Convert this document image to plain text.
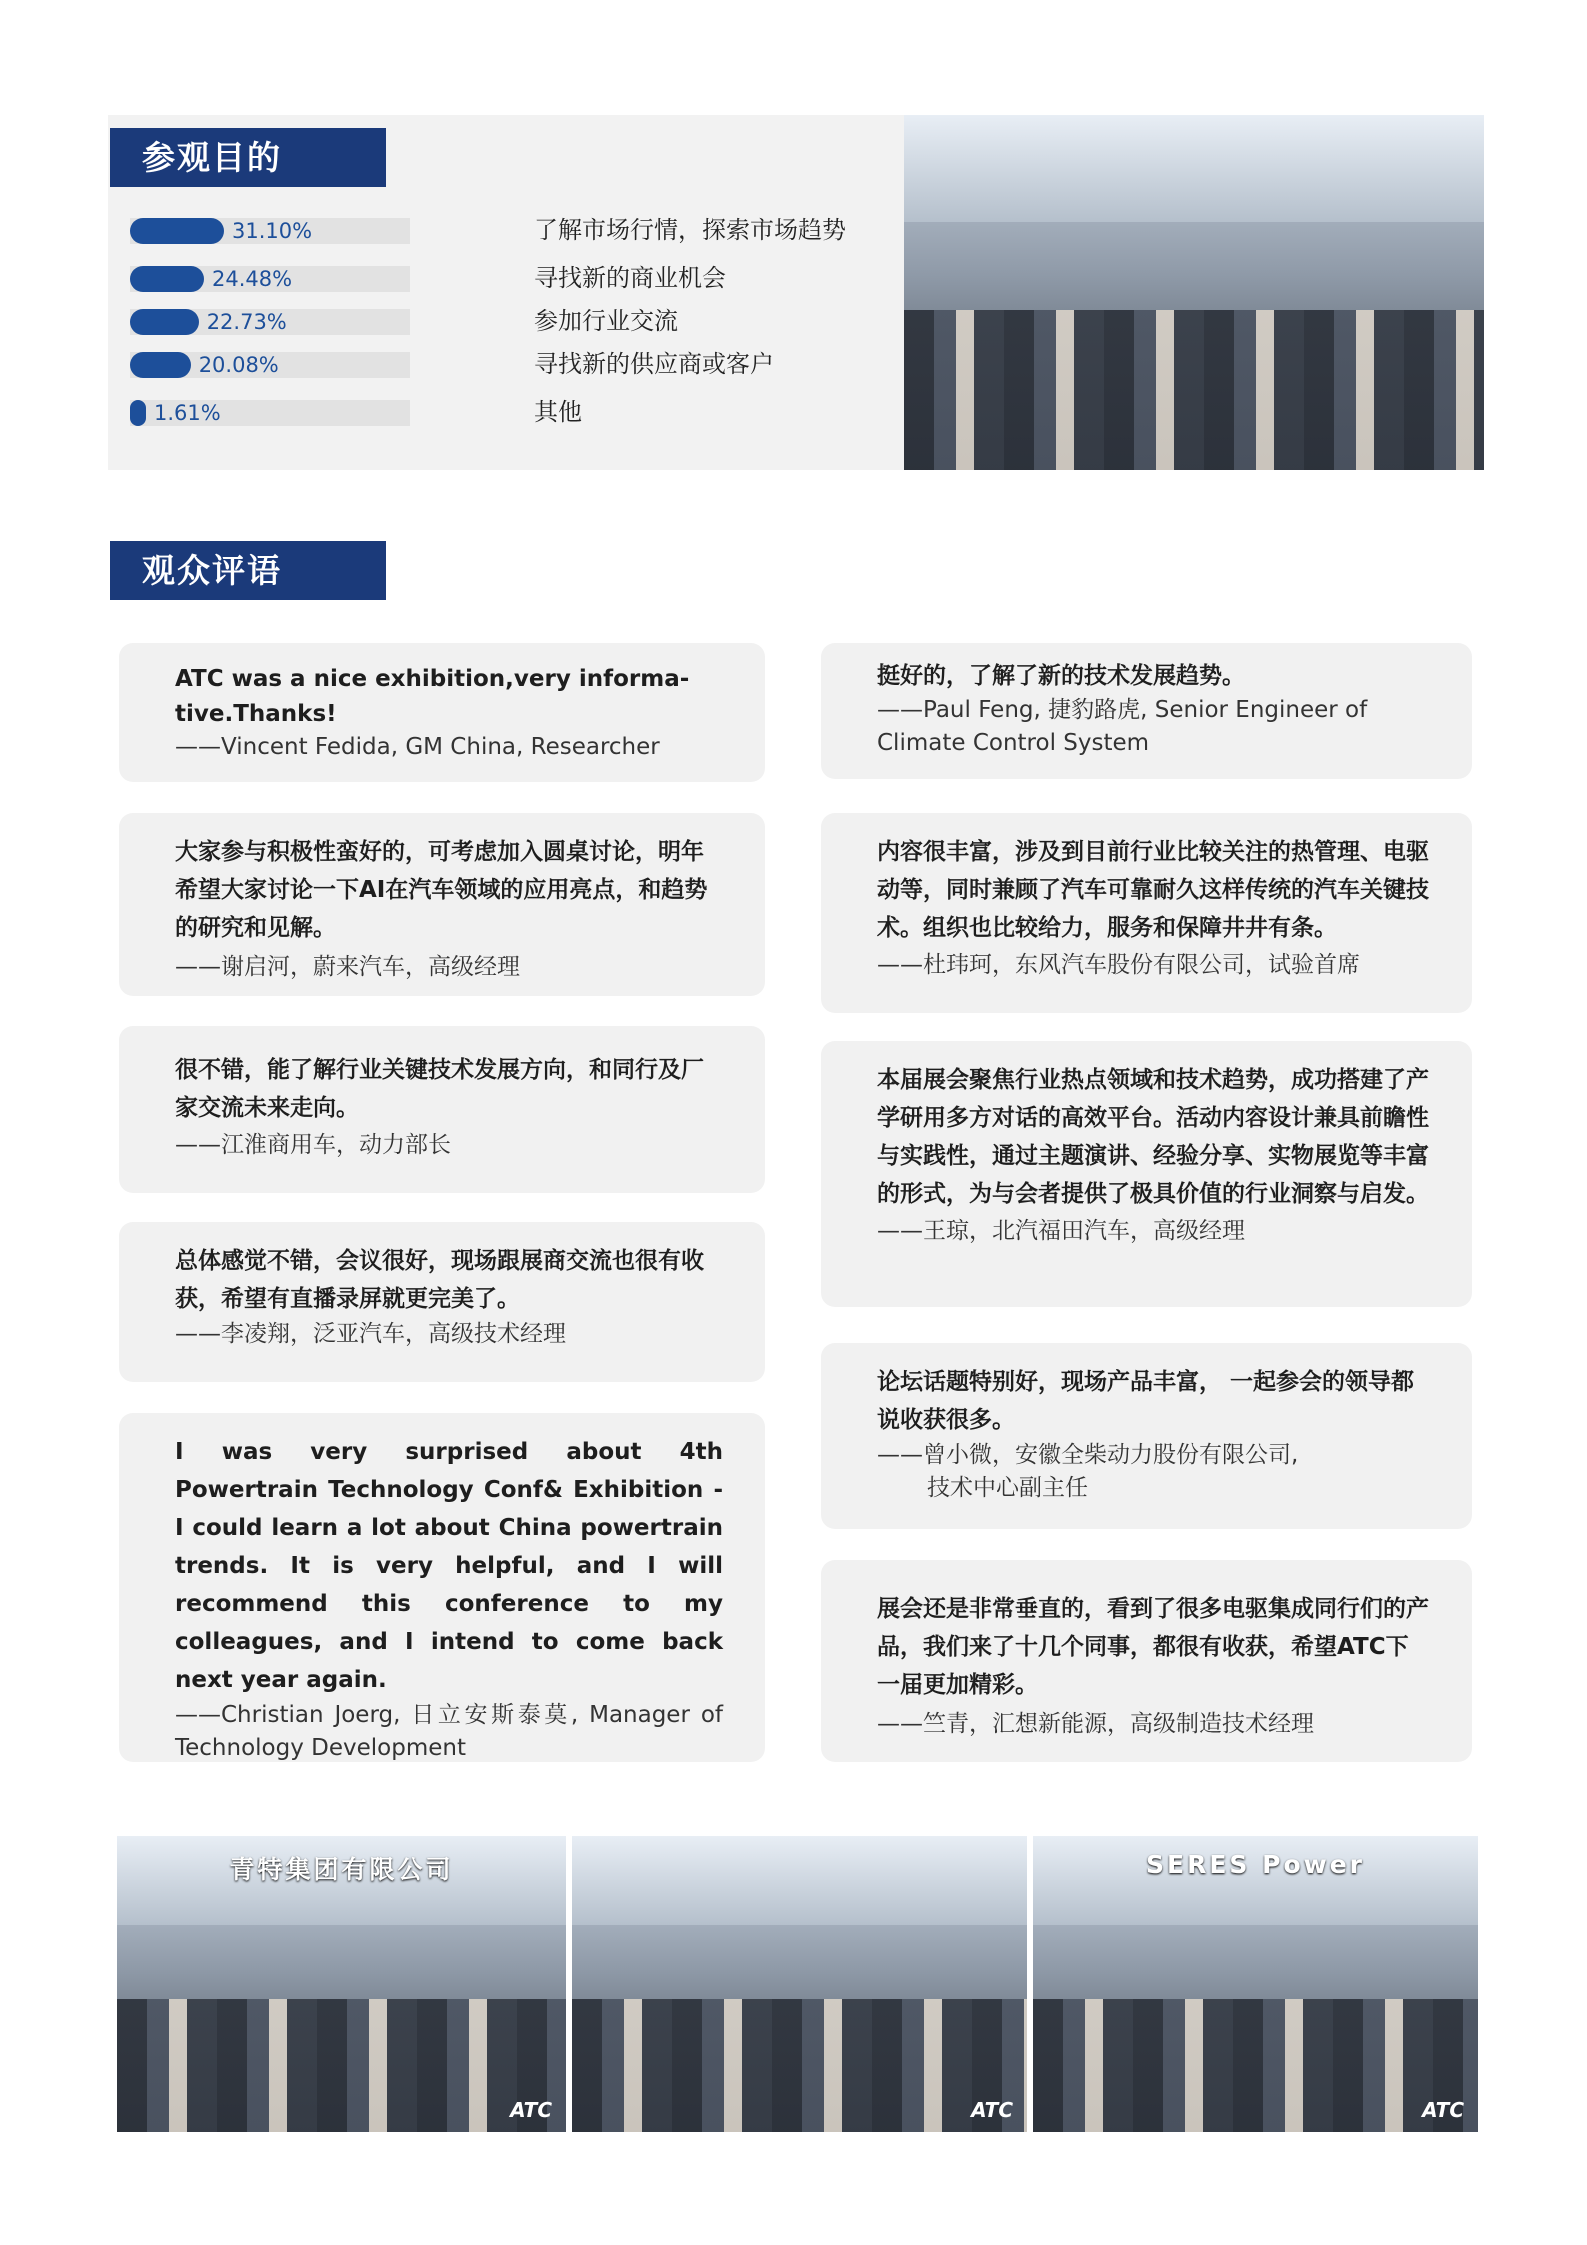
31.10%	了解市场行情，探索市场趋势
24.48%	寻找新的商业机会
22.73%	参加行业交流
20.08%	寻找新的供应商或客户
1.61%	其他
参观目的
观众评语
ATC was a nice exhibition,very informa-tive.Thanks!
——Vincent Fedida, GM China, Researcher
大家参与积极性蛮好的，可考虑加入圆桌讨论，明年希望大家讨论一下AI在汽车领域的应用亮点，和趋势的研究和见解。
——谢启河，蔚来汽车，高级经理
很不错，能了解行业关键技术发展方向，和同行及厂家交流未来走向。
——江淮商用车，动力部长
总体感觉不错，会议很好，现场跟展商交流也很有收获，希望有直播录屏就更完美了。
——李凌翔，泛亚汽车，高级技术经理
I was very surprised about 4th Powertrain Technology Conf& Exhibition - I could learn a lot about China powertrain trends. It is very helpful, and I will recommend this conference to my colleagues, and I intend to come back next year again.
——Christian Joerg, 日立安斯泰莫, Manager of Technology Development
挺好的，了解了新的技术发展趋势。
——Paul Feng, 捷豹路虎, Senior Engineer of Climate Control System
内容很丰富，涉及到目前行业比较关注的热管理、电驱动等，同时兼顾了汽车可靠耐久这样传统的汽车关键技术。组织也比较给力，服务和保障井井有条。
——杜玮珂，东风汽车股份有限公司，试验首席
本届展会聚焦行业热点领域和技术趋势，成功搭建了产学研用多方对话的高效平台。活动内容设计兼具前瞻性与实践性，通过主题演讲、经验分享、实物展览等丰富的形式，为与会者提供了极具价值的行业洞察与启发。
——王琼，北汽福田汽车，高级经理
论坛话题特别好，现场产品丰富， 一起参会的领导都说收获很多。
——曾小微，安徽全柴动力股份有限公司,
技术中心副主任
展会还是非常垂直的，看到了很多电驱集成同行们的产品，我们来了十几个同事，都很有收获，希望ATC下一届更加精彩。
——竺青，汇想新能源，高级制造技术经理
青特集团有限公司
ATC	ATC
SERES Power
ATC
